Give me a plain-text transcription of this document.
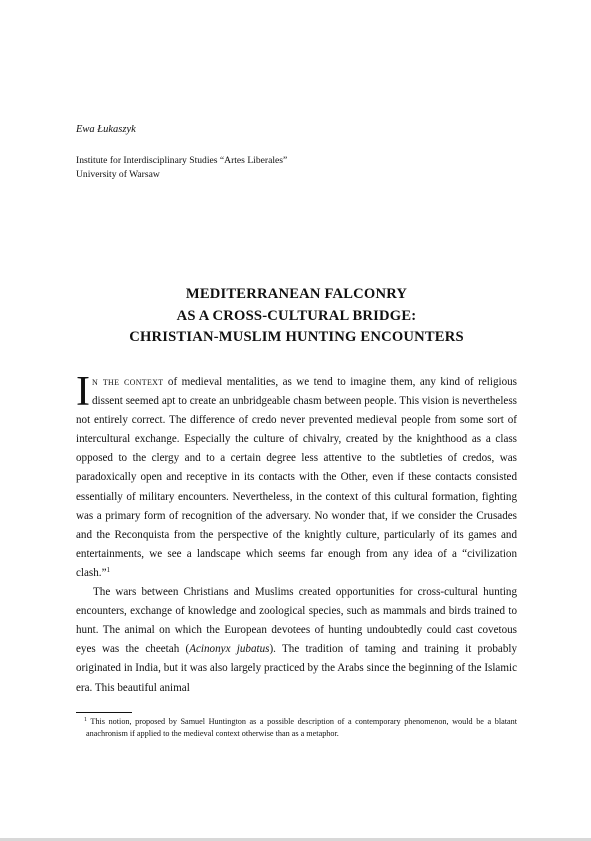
Ewa Łukaszyk
Institute for Interdisciplinary Studies “Artes Liberales”
University of Warsaw
MEDITERRANEAN FALCONRY
AS A CROSS-CULTURAL BRIDGE:
CHRISTIAN-MUSLIM HUNTING ENCOUNTERS

In the context of medieval mentalities, as we tend to imagine them, any kind of religious dissent seemed apt to create an unbridgeable chasm between people. This vision is nevertheless not entirely correct. The difference of credo never prevented medieval people from some sort of intercultural exchange. Especially the culture of chivalry, created by the knighthood as a class opposed to the clergy and to a certain degree less attentive to the subtleties of credos, was paradoxically open and receptive in its contacts with the Other, even if these contacts consisted essentially of military encounters. Nevertheless, in the context of this cultural formation, fighting was a primary form of recognition of the adversary. No wonder that, if we consider the Crusades and the Reconquista from the perspective of the knightly culture, particularly of its games and entertainments, we see a landscape which seems far enough from any idea of a “civilization clash.”$^1$

The wars between Christians and Muslims created opportunities for cross-cultural hunting encounters, exchange of knowledge and zoological species, such as mammals and birds trained to hunt. The animal on which the European devotees of hunting undoubtedly could cast covetous eyes was the cheetah (Acinonyx jubatus). The tradition of taming and training it probably originated in India, but it was also largely practiced by the Arabs since the beginning of the Islamic era. This beautiful animal

$^1$ This notion, proposed by Samuel Huntington as a possible description of a contemporary phenomenon, would be a blatant anachronism if applied to the medieval context otherwise than as a metaphor.
